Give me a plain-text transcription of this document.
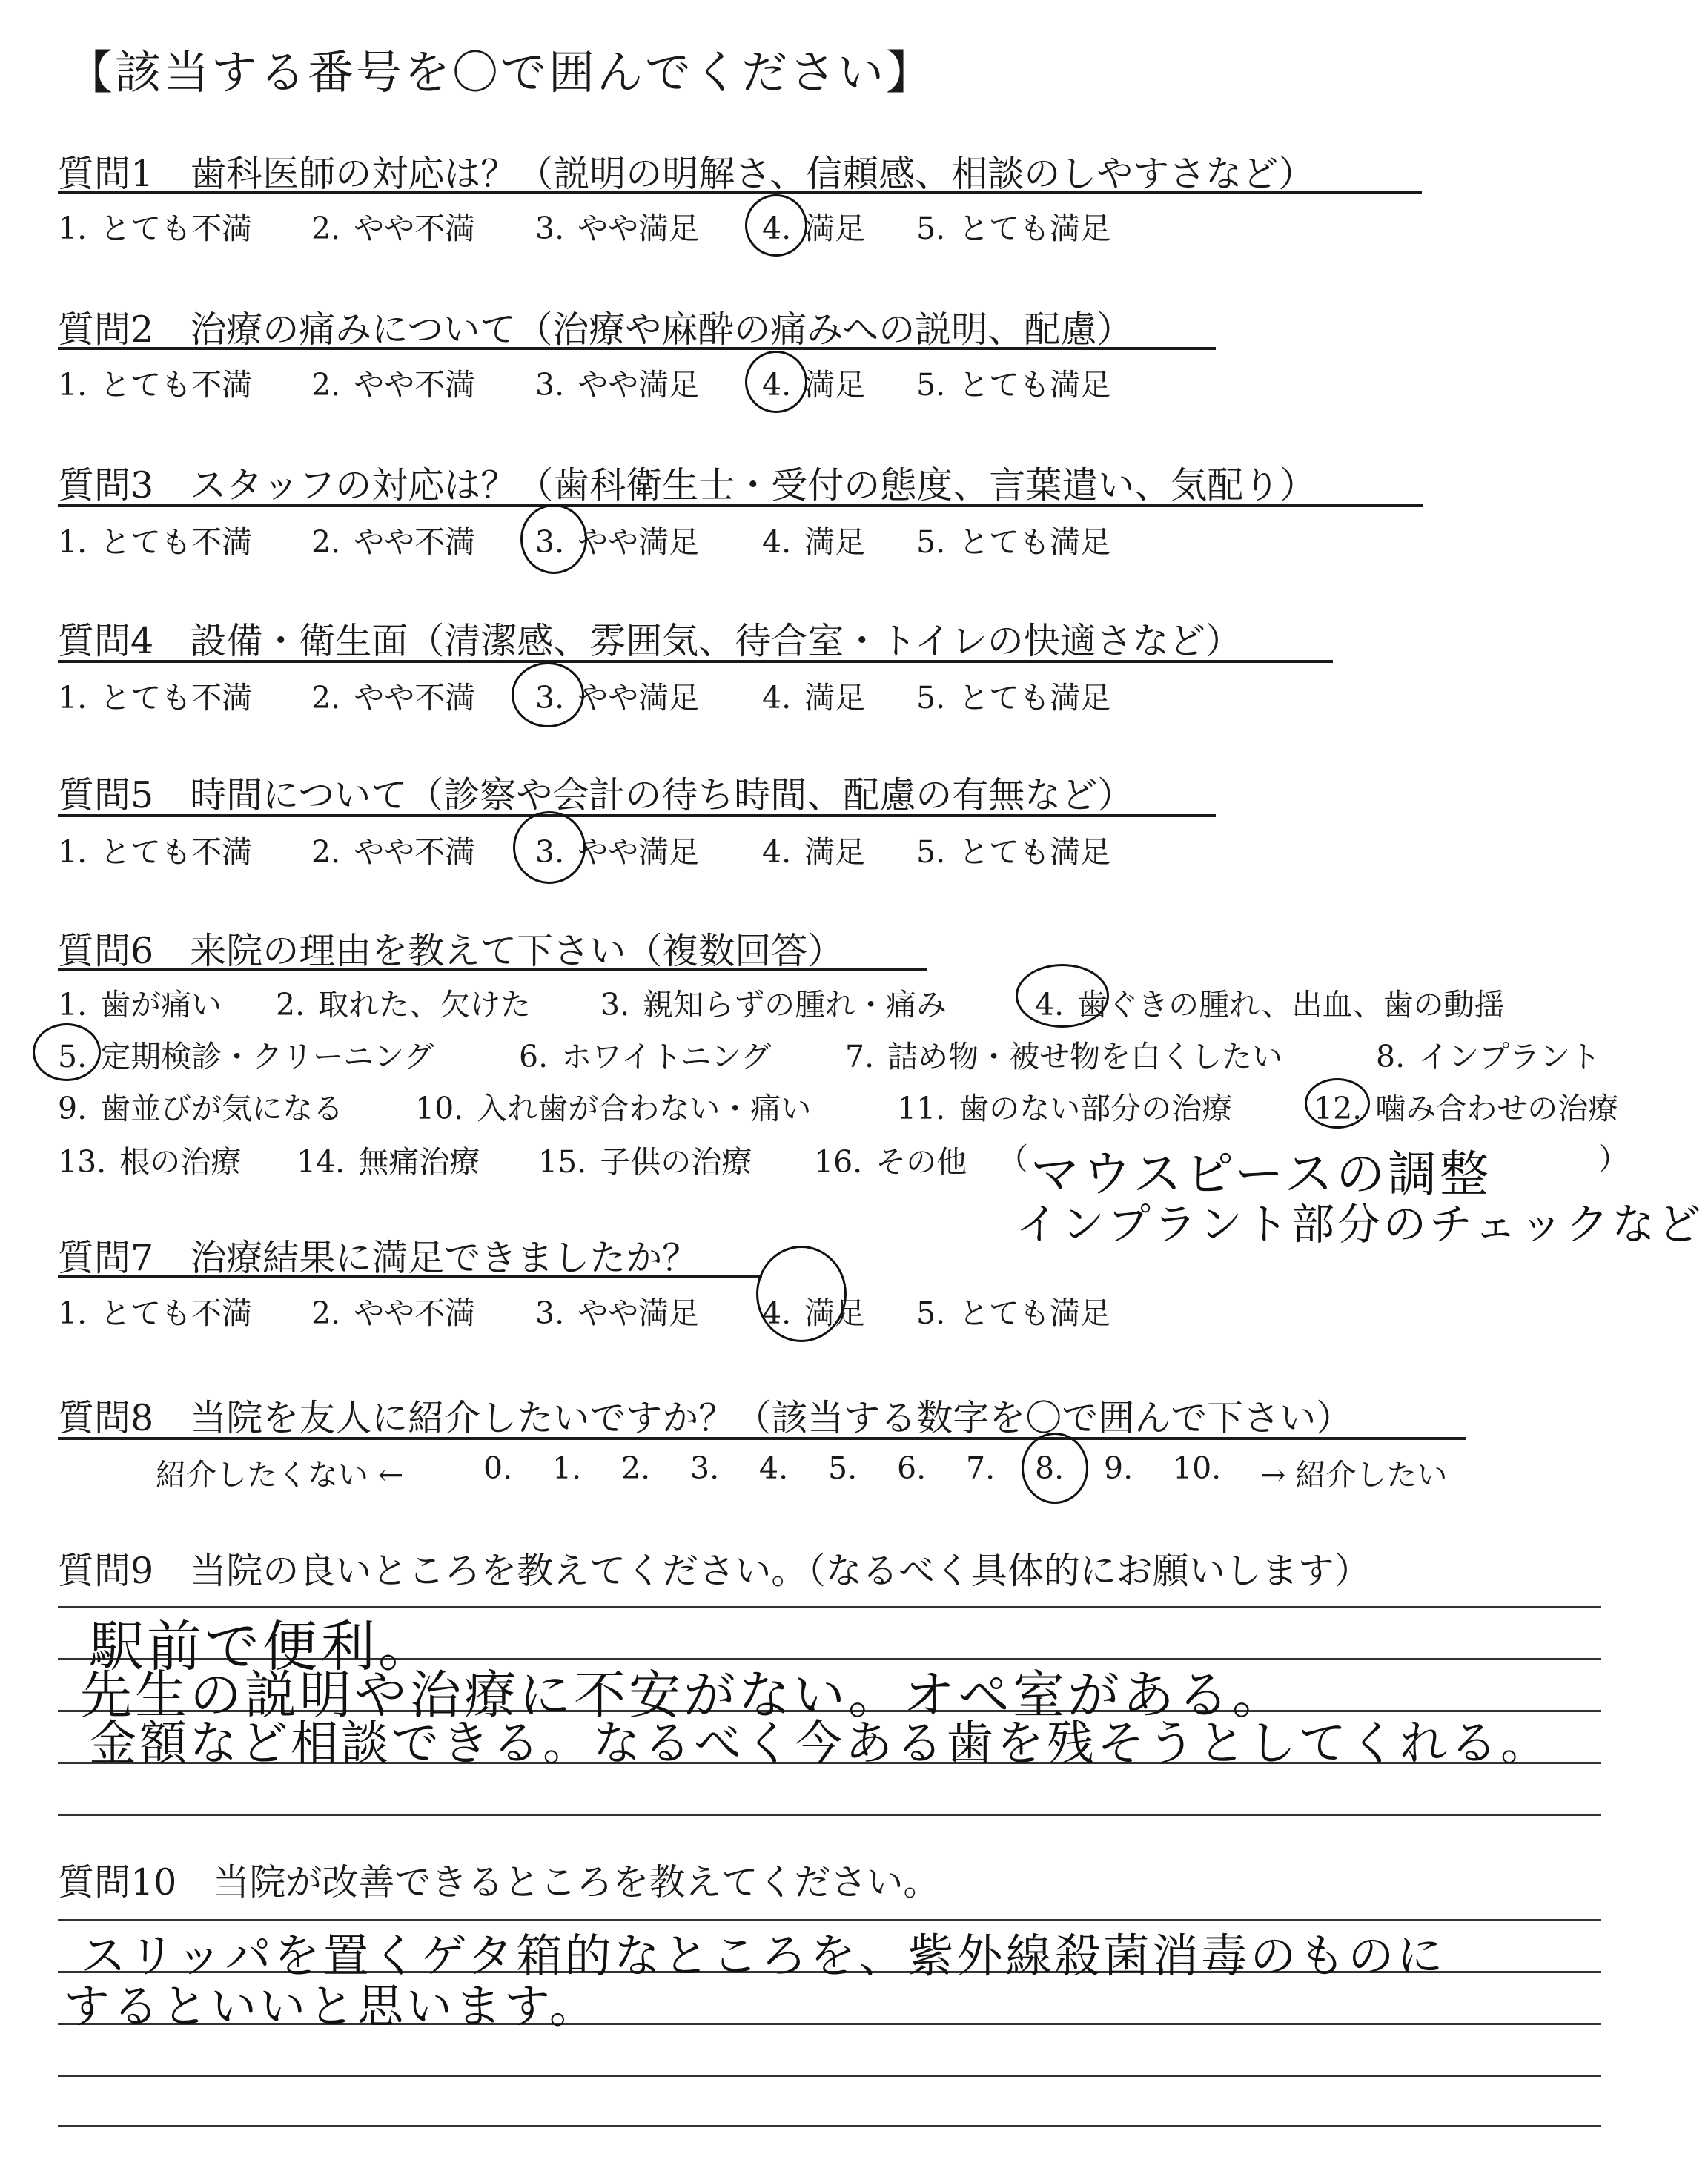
【該当する番号を〇で囲んでください】
質問1　 歯科医師の対応は？（説明の明解さ、信頼感、相談のしやすさなど）
1. とても不満 2. やや不満 3. やや満足 4. 満足 5. とても満足
質問2　 治療の痛みについて（治療や麻酔の痛みへの説明、配慮）
1. とても不満 2. やや不満 3. やや満足 4. 満足 5. とても満足
質問3　 スタッフの対応は？（歯科衛生士・受付の態度、言葉遣い、気配り）
1. とても不満 2. やや不満 3. やや満足 4. 満足 5. とても満足
質問4　 設備・衛生面（清潔感、雰囲気、待合室・トイレの快適さなど）
1. とても不満 2. やや不満 3. やや満足 4. 満足 5. とても満足
質問5　 時間について（診察や会計の待ち時間、配慮の有無など）
1. とても不満 2. やや不満 3. やや満足 4. 満足 5. とても満足
質問6　 来院の理由を教えて下さい（複数回答）
1. 歯が痛い 2. 取れた、欠けた 3. 親知らずの腫れ・痛み	4. 歯ぐきの腫れ、出血、歯の動揺
5. 定期検診・クリーニング	6. ホワイトニング 7. 詰め物・被せ物を白くしたい	8. インプラント
9. 歯並びが気になる 10. 入れ歯が合わない・痛い	11. 歯のない部分の治療	12. 噛み合わせの治療
13. 根の治療 14. 無痛治療 15. 子供の治療 16. その他 （	）
マウスピースの調整
インプラント部分のチェックなど
質問7　 治療結果に満足できましたか？
1. とても不満 2. やや不満 3. やや満足 4. 満足 5. とても満足
質問8　 当院を友人に紹介したいですか？（該当する数字を〇で囲んで下さい）
紹介したくない ←	0. 1. 2. 3. 4. 5. 6. 7. 8. 9. 10. → 紹介したい
質問9　 当院の良いところを教えてください。（なるべく具体的にお願いします）
駅前で便利。
先生の説明や治療に不安がない。オペ室がある。
金額など相談できる。なるべく今ある歯を残そうとしてくれる。
質問10　 当院が改善できるところを教えてください。
スリッパを置くゲタ箱的なところを、紫外線殺菌消毒のものに
するといいと思います。
